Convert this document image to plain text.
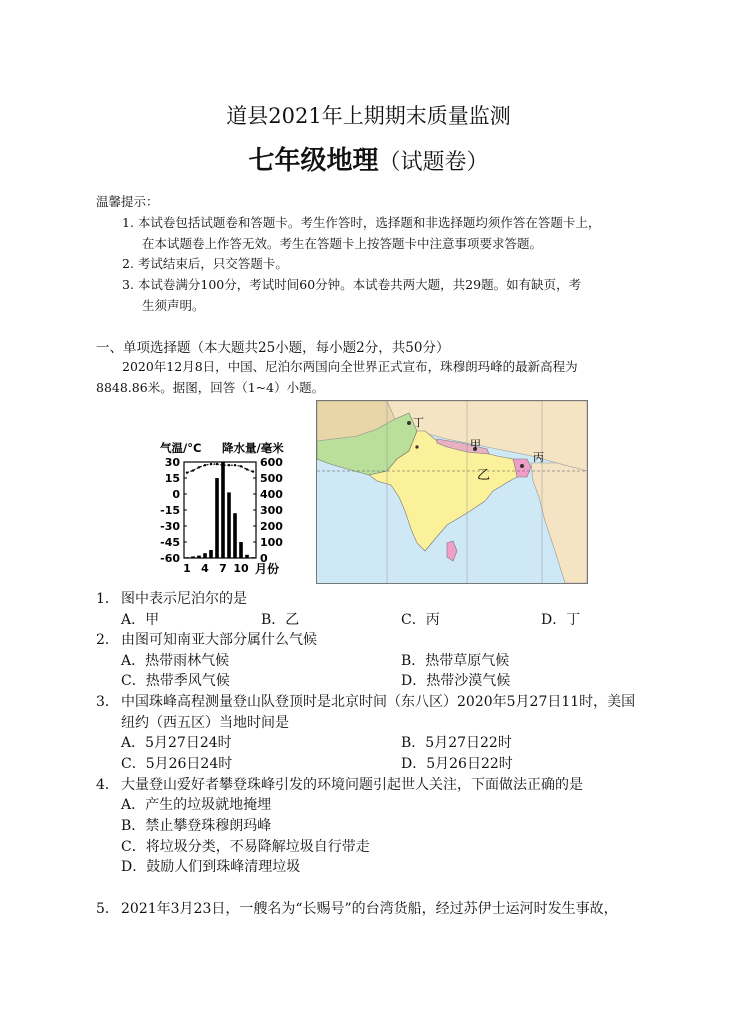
道县2021年上期期末质量监测
七年级地理（试题卷）
温馨提示：
1. 本试卷包括试题卷和答题卡。考生作答时，选择题和非选择题均须作答在答题卡上，
在本试题卷上作答无效。考生在答题卡上按答题卡中注意事项要求答题。
2. 考试结束后，只交答题卡。
3. 本试卷满分100分，考试时间60分钟。本试卷共两大题，共29题。如有缺页，考
生须声明。
一、单项选择题（本大题共25小题，每小题2分，共50分）
2020年12月8日，中国、尼泊尔两国向全世界正式宣布，珠穆朗玛峰的最新高程为
8848.86米。据图，回答（1~4）小题。
气温/°C 降水量/毫米
30
15
0
-15
-30
-45
-60
600
500
400
300
200
100
0
1 4 7 10 月份
丁
甲
丙
乙
1． 图中表示尼泊尔的是
A．甲	B．乙	C．丙	D．丁
2． 由图可知南亚大部分属什么气候
A．热带雨林气候	B．热带草原气候
C．热带季风气候	D．热带沙漠气候
3． 中国珠峰高程测量登山队登顶时是北京时间（东八区）2020年5月27日11时，美国
纽约（西五区）当地时间是
A．5月27日24时	B．5月27日22时
C．5月26日24时	D．5月26日22时
4． 大量登山爱好者攀登珠峰引发的环境问题引起世人关注，下面做法正确的是
A．产生的垃圾就地掩埋
B．禁止攀登珠穆朗玛峰
C．将垃圾分类，不易降解垃圾自行带走
D．鼓励人们到珠峰清理垃圾
5． 2021年3月23日，一艘名为“长赐号”的台湾货船，经过苏伊士运河时发生事故，
